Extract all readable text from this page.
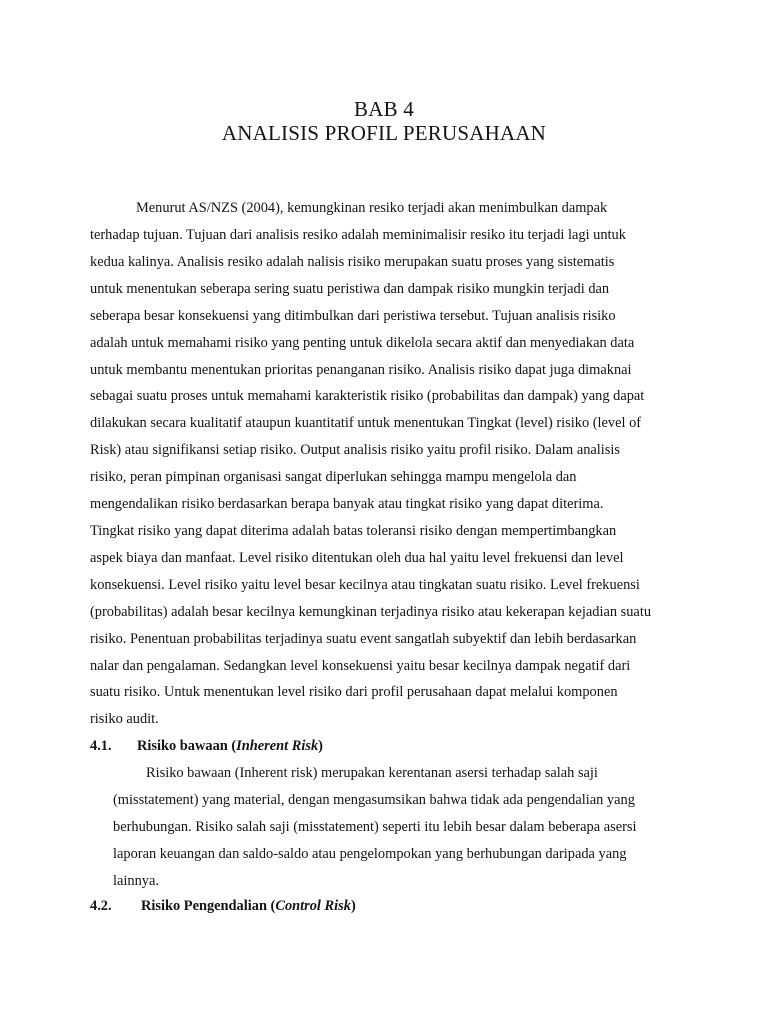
BAB 4
ANALISIS PROFIL PERUSAHAAN
Menurut AS/NZS (2004), kemungkinan resiko terjadi akan menimbulkan dampak
terhadap tujuan. Tujuan dari analisis resiko adalah meminimalisir resiko itu terjadi lagi untuk
kedua kalinya. Analisis resiko adalah nalisis risiko merupakan suatu proses yang sistematis
untuk menentukan seberapa sering suatu peristiwa dan dampak risiko mungkin terjadi dan
seberapa besar konsekuensi yang ditimbulkan dari peristiwa tersebut. Tujuan analisis risiko
adalah untuk memahami risiko yang penting untuk dikelola secara aktif dan menyediakan data
untuk membantu menentukan prioritas penanganan risiko. Analisis risiko dapat juga dimaknai
sebagai suatu proses untuk memahami karakteristik risiko (probabilitas dan dampak) yang dapat
dilakukan secara kualitatif ataupun kuantitatif untuk menentukan Tingkat (level) risiko (level of
Risk) atau signifikansi setiap risiko. Output analisis risiko yaitu profil risiko. Dalam analisis
risiko, peran pimpinan organisasi sangat diperlukan sehingga mampu mengelola dan
mengendalikan risiko berdasarkan berapa banyak atau tingkat risiko yang dapat diterima.
Tingkat risiko yang dapat diterima adalah batas toleransi risiko dengan mempertimbangkan
aspek biaya dan manfaat. Level risiko ditentukan oleh dua hal yaitu level frekuensi dan level
konsekuensi. Level risiko yaitu level besar kecilnya atau tingkatan suatu risiko. Level frekuensi
(probabilitas) adalah besar kecilnya kemungkinan terjadinya risiko atau kekerapan kejadian suatu
risiko. Penentuan probabilitas terjadinya suatu event sangatlah subyektif dan lebih berdasarkan
nalar dan pengalaman. Sedangkan level konsekuensi yaitu besar kecilnya dampak negatif dari
suatu risiko. Untuk menentukan level risiko dari profil perusahaan dapat melalui komponen
risiko audit.
4.1. Risiko bawaan (Inherent Risk)
Risiko bawaan (Inherent risk) merupakan kerentanan asersi terhadap salah saji
(misstatement) yang material, dengan mengasumsikan bahwa tidak ada pengendalian yang
berhubungan. Risiko salah saji (misstatement) seperti itu lebih besar dalam beberapa asersi
laporan keuangan dan saldo-saldo atau pengelompokan yang berhubungan daripada yang
lainnya.
4.2. Risiko Pengendalian (Control Risk)
